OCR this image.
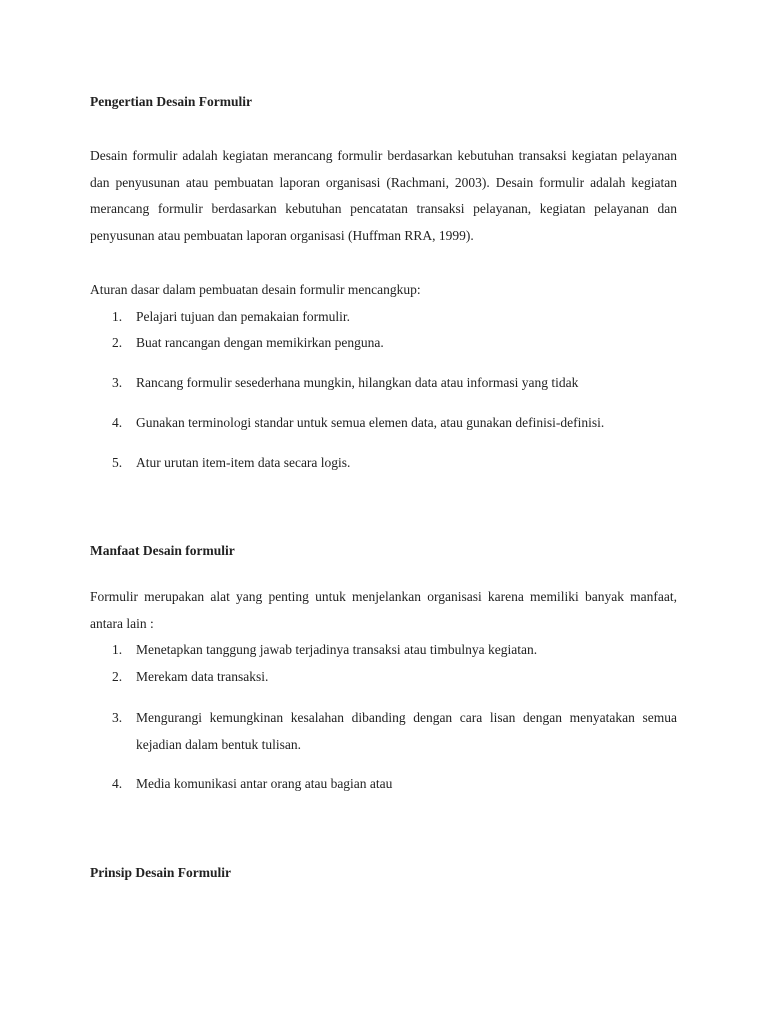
Pengertian Desain Formulir
Desain formulir adalah kegiatan merancang formulir berdasarkan kebutuhan transaksi kegiatan pelayanan dan penyusunan atau pembuatan laporan organisasi (Rachmani, 2003). Desain formulir adalah kegiatan merancang formulir berdasarkan kebutuhan pencatatan transaksi pelayanan, kegiatan pelayanan dan penyusunan atau pembuatan laporan organisasi (Huffman RRA, 1999).
Aturan dasar dalam pembuatan desain formulir mencangkup:
1.	Pelajari tujuan dan pemakaian formulir.
2.	Buat rancangan dengan memikirkan penguna.
3.	Rancang formulir sesederhana mungkin, hilangkan data atau informasi yang tidak
4.	Gunakan terminologi standar untuk semua elemen data, atau gunakan definisi-definisi.
5.	Atur urutan item-item data secara logis.
Manfaat Desain formulir
Formulir merupakan alat yang penting untuk menjelankan organisasi karena memiliki banyak manfaat, antara lain :
1.	Menetapkan tanggung jawab terjadinya transaksi atau timbulnya kegiatan.
2.	Merekam data transaksi.
3.	Mengurangi kemungkinan kesalahan dibanding dengan cara lisan dengan menyatakan semua kejadian dalam bentuk tulisan.
4.	Media komunikasi antar orang atau bagian atau
Prinsip Desain Formulir
